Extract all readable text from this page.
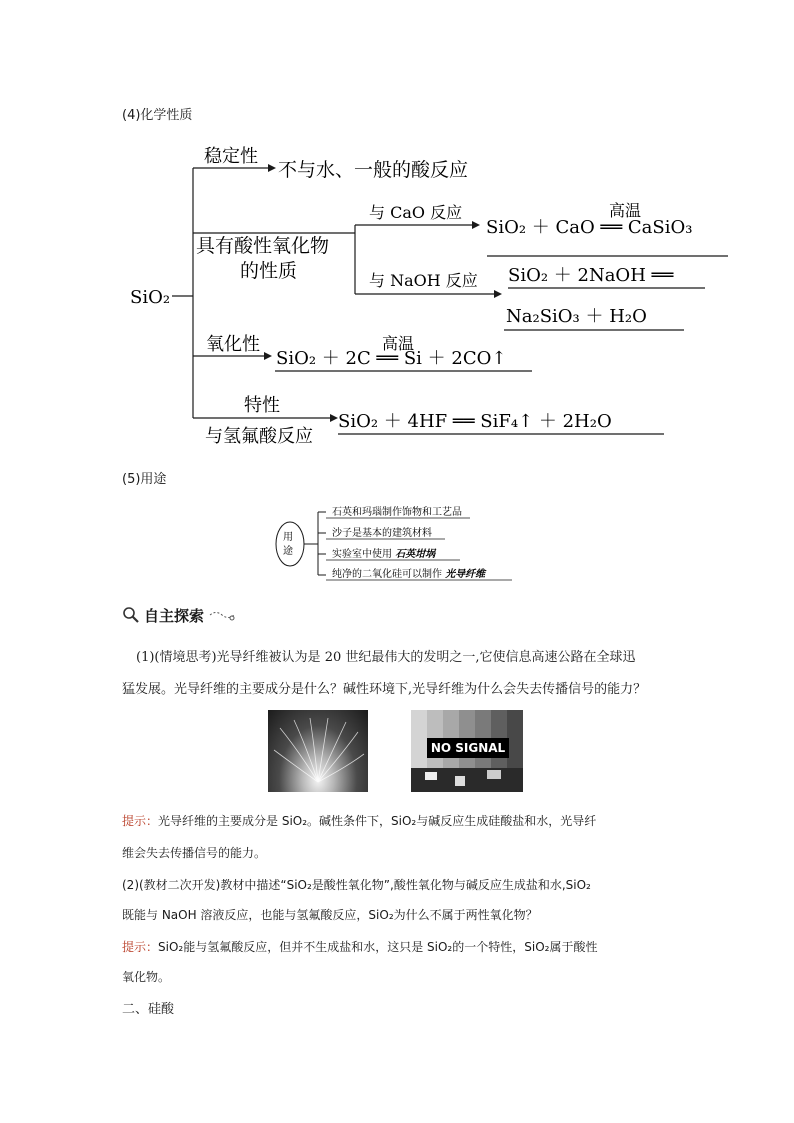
(4)化学性质
SiO₂
稳定性
不与水、一般的酸反应
具有酸性氧化物
的性质
与 CaO 反应	高温
SiO₂ ＋ CaO ══ CaSiO₃
与 NaOH 反应 SiO₂ ＋ 2NaOH ══
Na₂SiO₃ ＋ H₂O
氧化性	高温
SiO₂ ＋ 2C ══ Si ＋ 2CO↑
特性
与氢氟酸反应
SiO₂ ＋ 4HF ══ SiF₄↑ ＋ 2H₂O
(5)用途
用
途
石英和玛瑙制作饰物和工艺品
沙子是基本的建筑材料
实验室中使用 石英坩埚
纯净的二氧化硅可以制作 光导纤维
自主探索
(1)(情境思考)光导纤维被认为是 20 世纪最伟大的发明之一,它使信息高速公路在全球迅
猛发展。光导纤维的主要成分是什么？碱性环境下,光导纤维为什么会失去传播信号的能力？
NO SIGNAL
提示：光导纤维的主要成分是 SiO₂。碱性条件下，SiO₂与碱反应生成硅酸盐和水，光导纤
维会失去传播信号的能力。
(2)(教材二次开发)教材中描述“SiO₂是酸性氧化物”,酸性氧化物与碱反应生成盐和水,SiO₂
既能与 NaOH 溶液反应，也能与氢氟酸反应，SiO₂为什么不属于两性氧化物？
提示：SiO₂能与氢氟酸反应，但并不生成盐和水，这只是 SiO₂的一个特性，SiO₂属于酸性
氧化物。
二、硅酸
